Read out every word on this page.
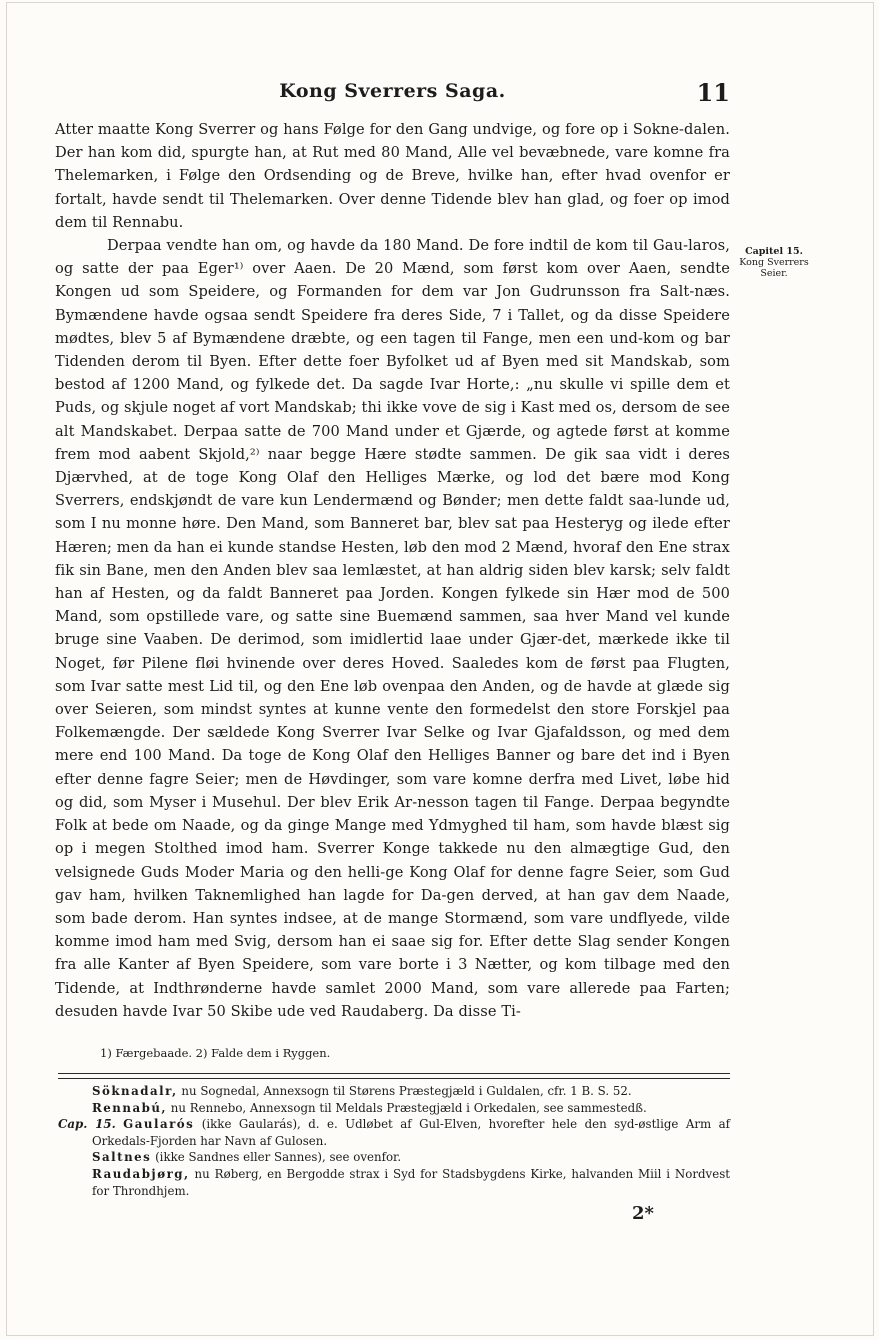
Kong Sverrers Saga.	11

Atter maatte Kong Sverrer og hans Følge for den Gang undvige, og fore op i Sokne-dalen. Der han kom did, spurgte han, at Rut med 80 Mand, Alle vel bevæbnede, vare komne fra Thelemarken, i Følge den Ordsending og de Breve, hvilke han, efter hvad ovenfor er fortalt, havde sendt til Thelemarken. Over denne Tidende blev han glad, og foer op imod dem til Rennabu.

Derpaa vendte han om, og havde da 180 Mand. De fore indtil de kom til Gau-laros, og satte der paa Eger¹⁾ over Aaen. De 20 Mænd, som først kom over Aaen, sendte Kongen ud som Speidere, og Formanden for dem var Jon Gudrunsson fra Salt-næs. Bymændene havde ogsaa sendt Speidere fra deres Side, 7 i Tallet, og da disse Speidere mødtes, blev 5 af Bymændene dræbte, og een tagen til Fange, men een und-kom og bar Tidenden derom til Byen. Efter dette foer Byfolket ud af Byen med sit Mandskab, som bestod af 1200 Mand, og fylkede det. Da sagde Ivar Horte,: „nu skulle vi spille dem et Puds, og skjule noget af vort Mandskab; thi ikke vove de sig i Kast med os, dersom de see alt Mandskabet. Derpaa satte de 700 Mand under et Gjærde, og agtede først at komme frem mod aabent Skjold,²⁾ naar begge Hære stødte sammen. De gik saa vidt i deres Djærvhed, at de toge Kong Olaf den Helliges Mærke, og lod det bære mod Kong Sverrers, endskjøndt de vare kun Lendermænd og Bønder; men dette faldt saa-lunde ud, som I nu monne høre. Den Mand, som Banneret bar, blev sat paa Hesteryg og ilede efter Hæren; men da han ei kunde standse Hesten, løb den mod 2 Mænd, hvoraf den Ene strax fik sin Bane, men den Anden blev saa lemlæstet, at han aldrig siden blev karsk; selv faldt han af Hesten, og da faldt Banneret paa Jorden. Kongen fylkede sin Hær mod de 500 Mand, som opstillede vare, og satte sine Buemænd sammen, saa hver Mand vel kunde bruge sine Vaaben. De derimod, som imidlertid laae under Gjær-det, mærkede ikke til Noget, før Pilene fløi hvinende over deres Hoved. Saaledes kom de først paa Flugten, som Ivar satte mest Lid til, og den Ene løb ovenpaa den Anden, og de havde at glæde sig over Seieren, som mindst syntes at kunne vente den formedelst den store Forskjel paa Folkemængde. Der sældede Kong Sverrer Ivar Selke og Ivar Gjafaldsson, og med dem mere end 100 Mand. Da toge de Kong Olaf den Helliges Banner og bare det ind i Byen efter denne fagre Seier; men de Høvdinger, som vare komne derfra med Livet, løbe hid og did, som Myser i Musehul. Der blev Erik Ar-nesson tagen til Fange. Derpaa begyndte Folk at bede om Naade, og da ginge Mange med Ydmyghed til ham, som havde blæst sig op i megen Stolthed imod ham. Sverrer Konge takkede nu den almægtige Gud, den velsignede Guds Moder Maria og den helli-ge Kong Olaf for denne fagre Seier, som Gud gav ham, hvilken Taknemlighed han lagde for Da-gen derved, at han gav dem Naade, som bade derom. Han syntes indsee, at de mange Stormænd, som vare undflyede, vilde komme imod ham med Svig, dersom han ei saae sig for. Efter dette Slag sender Kongen fra alle Kanter af Byen Speidere, som vare borte i 3 Nætter, og kom tilbage med den Tidende, at Indthrønderne havde samlet 2000 Mand, som vare allerede paa Farten; desuden havde Ivar 50 Skibe ude ved Raudaberg. Da disse Ti-

Capitel 15.
Kong Sverrers Seier.
1) Færgebaade. 2) Falde dem i Ryggen.

Söknadalr, nu Sognedal, Annexsogn til Størens Præstegjæld i Guldalen, cfr. 1 B. S. 52.

Rennabú, nu Rennebo, Annexsogn til Meldals Præstegjæld i Orkedalen, see sammestedß.

Cap. 15. Gaularós (ikke Gaularás), d. e. Udløbet af Gul-Elven, hvorefter hele den syd-østlige Arm af Orkedals-Fjorden har Navn af Gulosen.

Saltnes (ikke Sandnes eller Sannes), see ovenfor.

Raudabjørg, nu Røberg, en Bergodde strax i Syd for Stadsbygdens Kirke, halvanden Miil i Nordvest for Throndhjem.

2*
